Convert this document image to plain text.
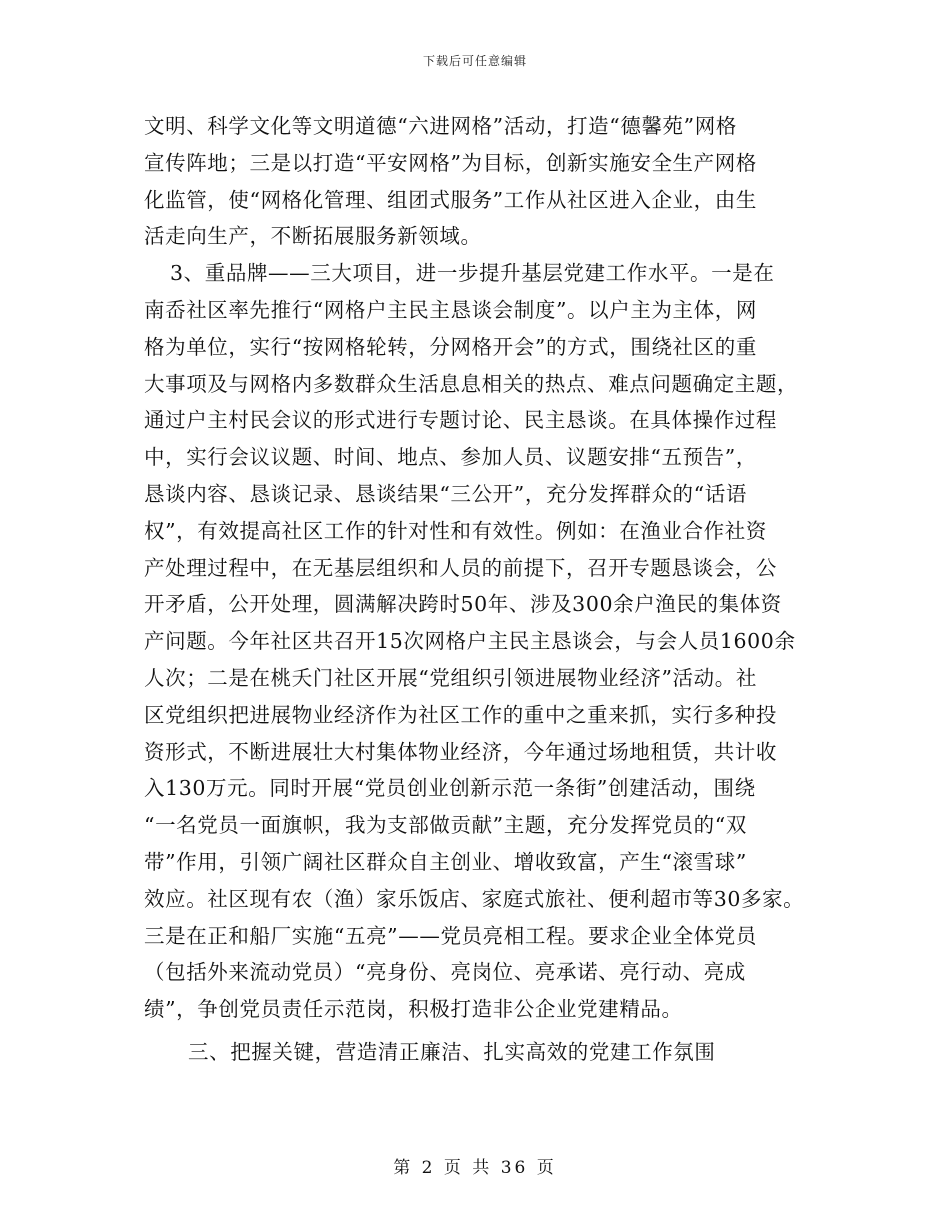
下载后可任意编辑
文明、科学文化等文明道德“六进网格”活动，打造“德馨苑”网格
宣传阵地；三是以打造“平安网格”为目标，创新实施安全生产网格
化监管，使“网格化管理、组团式服务”工作从社区进入企业，由生
活走向生产，不断拓展服务新领域。
3、重品牌——三大项目，进一步提升基层党建工作水平。一是在
南岙社区率先推行“网格户主民主恳谈会制度”。以户主为主体，网
格为单位，实行“按网格轮转，分网格开会”的方式，围绕社区的重
大事项及与网格内多数群众生活息息相关的热点、难点问题确定主题，
通过户主村民会议的形式进行专题讨论、民主恳谈。在具体操作过程
中，实行会议议题、时间、地点、参加人员、议题安排“五预告”，
恳谈内容、恳谈记录、恳谈结果“三公开”，充分发挥群众的“话语
权”，有效提高社区工作的针对性和有效性。例如：在渔业合作社资
产处理过程中，在无基层组织和人员的前提下，召开专题恳谈会，公
开矛盾，公开处理，圆满解决跨时50年、涉及300余户渔民的集体资
产问题。今年社区共召开15次网格户主民主恳谈会，与会人员1600余
人次；二是在桃夭门社区开展“党组织引领进展物业经济”活动。社
区党组织把进展物业经济作为社区工作的重中之重来抓，实行多种投
资形式，不断进展壮大村集体物业经济，今年通过场地租赁，共计收
入130万元。同时开展“党员创业创新示范一条街”创建活动，围绕
“一名党员一面旗帜，我为支部做贡献”主题，充分发挥党员的“双
带”作用，引领广阔社区群众自主创业、增收致富，产生“滚雪球”
效应。社区现有农（渔）家乐饭店、家庭式旅社、便利超市等30多家。
三是在正和船厂实施“五亮”——党员亮相工程。要求企业全体党员
（包括外来流动党员）“亮身份、亮岗位、亮承诺、亮行动、亮成
绩”，争创党员责任示范岗，积极打造非公企业党建精品。
三、把握关键，营造清正廉洁、扎实高效的党建工作氛围
第 2 页 共 36 页
